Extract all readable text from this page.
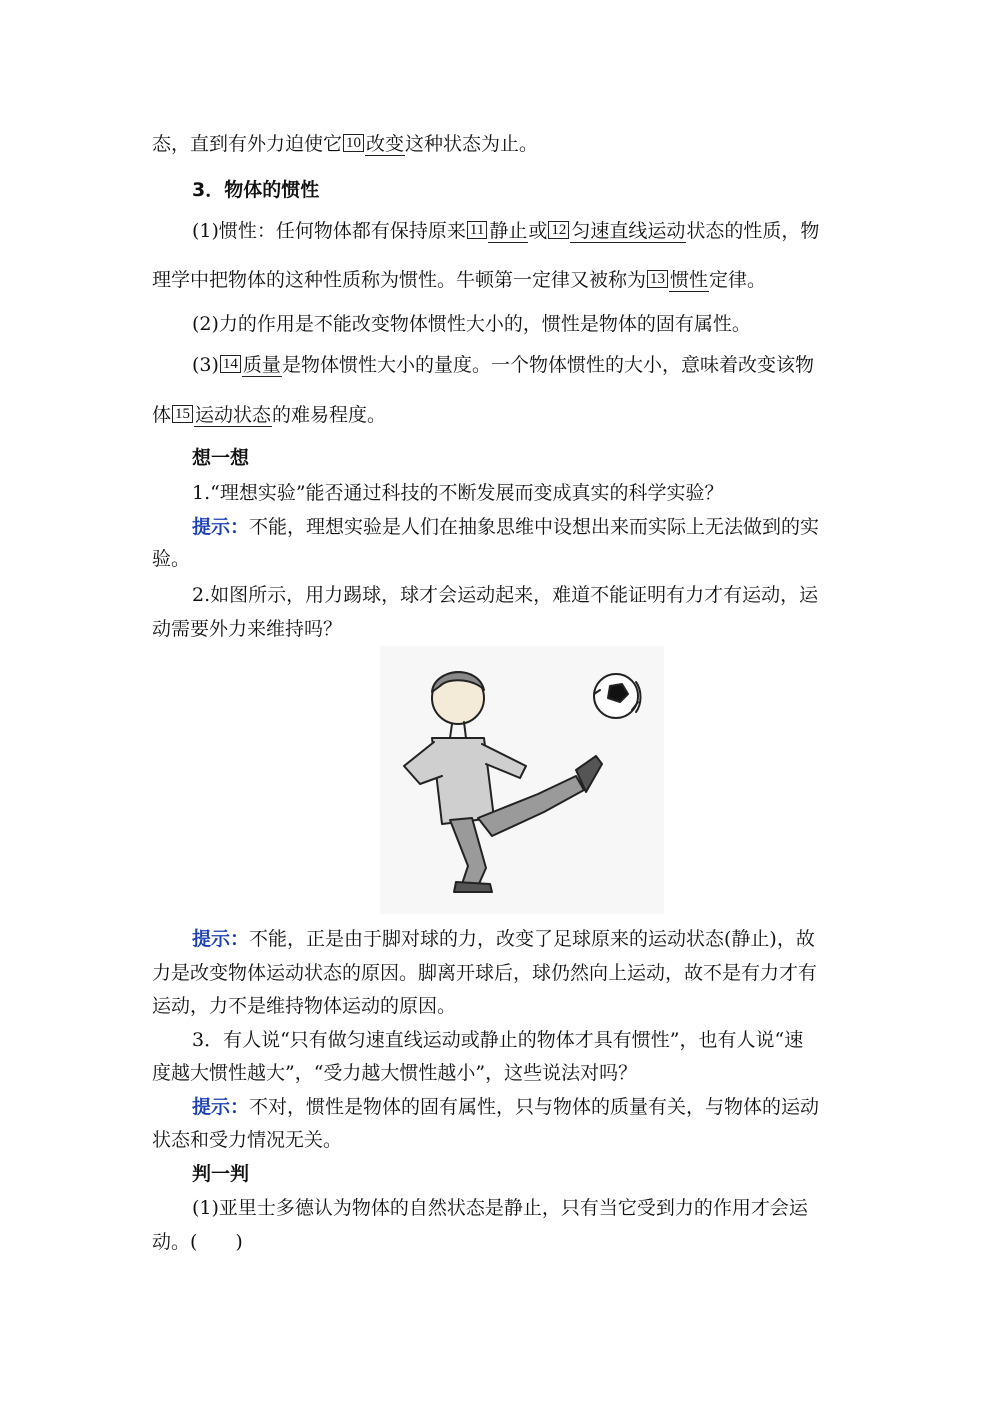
态，直到有外力迫使它 10 改变这种状态为止。
3．物体的惯性
(1)惯性：任何物体都有保持原来 11 静止或 12 匀速直线运动状态的性质，物
理学中把物体的这种性质称为惯性。牛顿第一定律又被称为 13 惯性定律。
(2)力的作用是不能改变物体惯性大小的，惯性是物体的固有属性。
(3) 14 质量是物体惯性大小的量度。一个物体惯性的大小，意味着改变该物
体 15 运动状态的难易程度。
想一想
1.“理想实验”能否通过科技的不断发展而变成真实的科学实验？
提示：不能，理想实验是人们在抽象思维中设想出来而实际上无法做到的实
验。
2.如图所示，用力踢球，球才会运动起来，难道不能证明有力才有运动，运
动需要外力来维持吗？
提示：不能，正是由于脚对球的力，改变了足球原来的运动状态(静止)，故
力是改变物体运动状态的原因。脚离开球后，球仍然向上运动，故不是有力才有
运动，力不是维持物体运动的原因。
3．有人说“只有做匀速直线运动或静止的物体才具有惯性”，也有人说“速
度越大惯性越大”，“受力越大惯性越小”，这些说法对吗？
提示：不对，惯性是物体的固有属性，只与物体的质量有关，与物体的运动
状态和受力情况无关。
判一判
(1)亚里士多德认为物体的自然状态是静止，只有当它受到力的作用才会运
动。(　　)
